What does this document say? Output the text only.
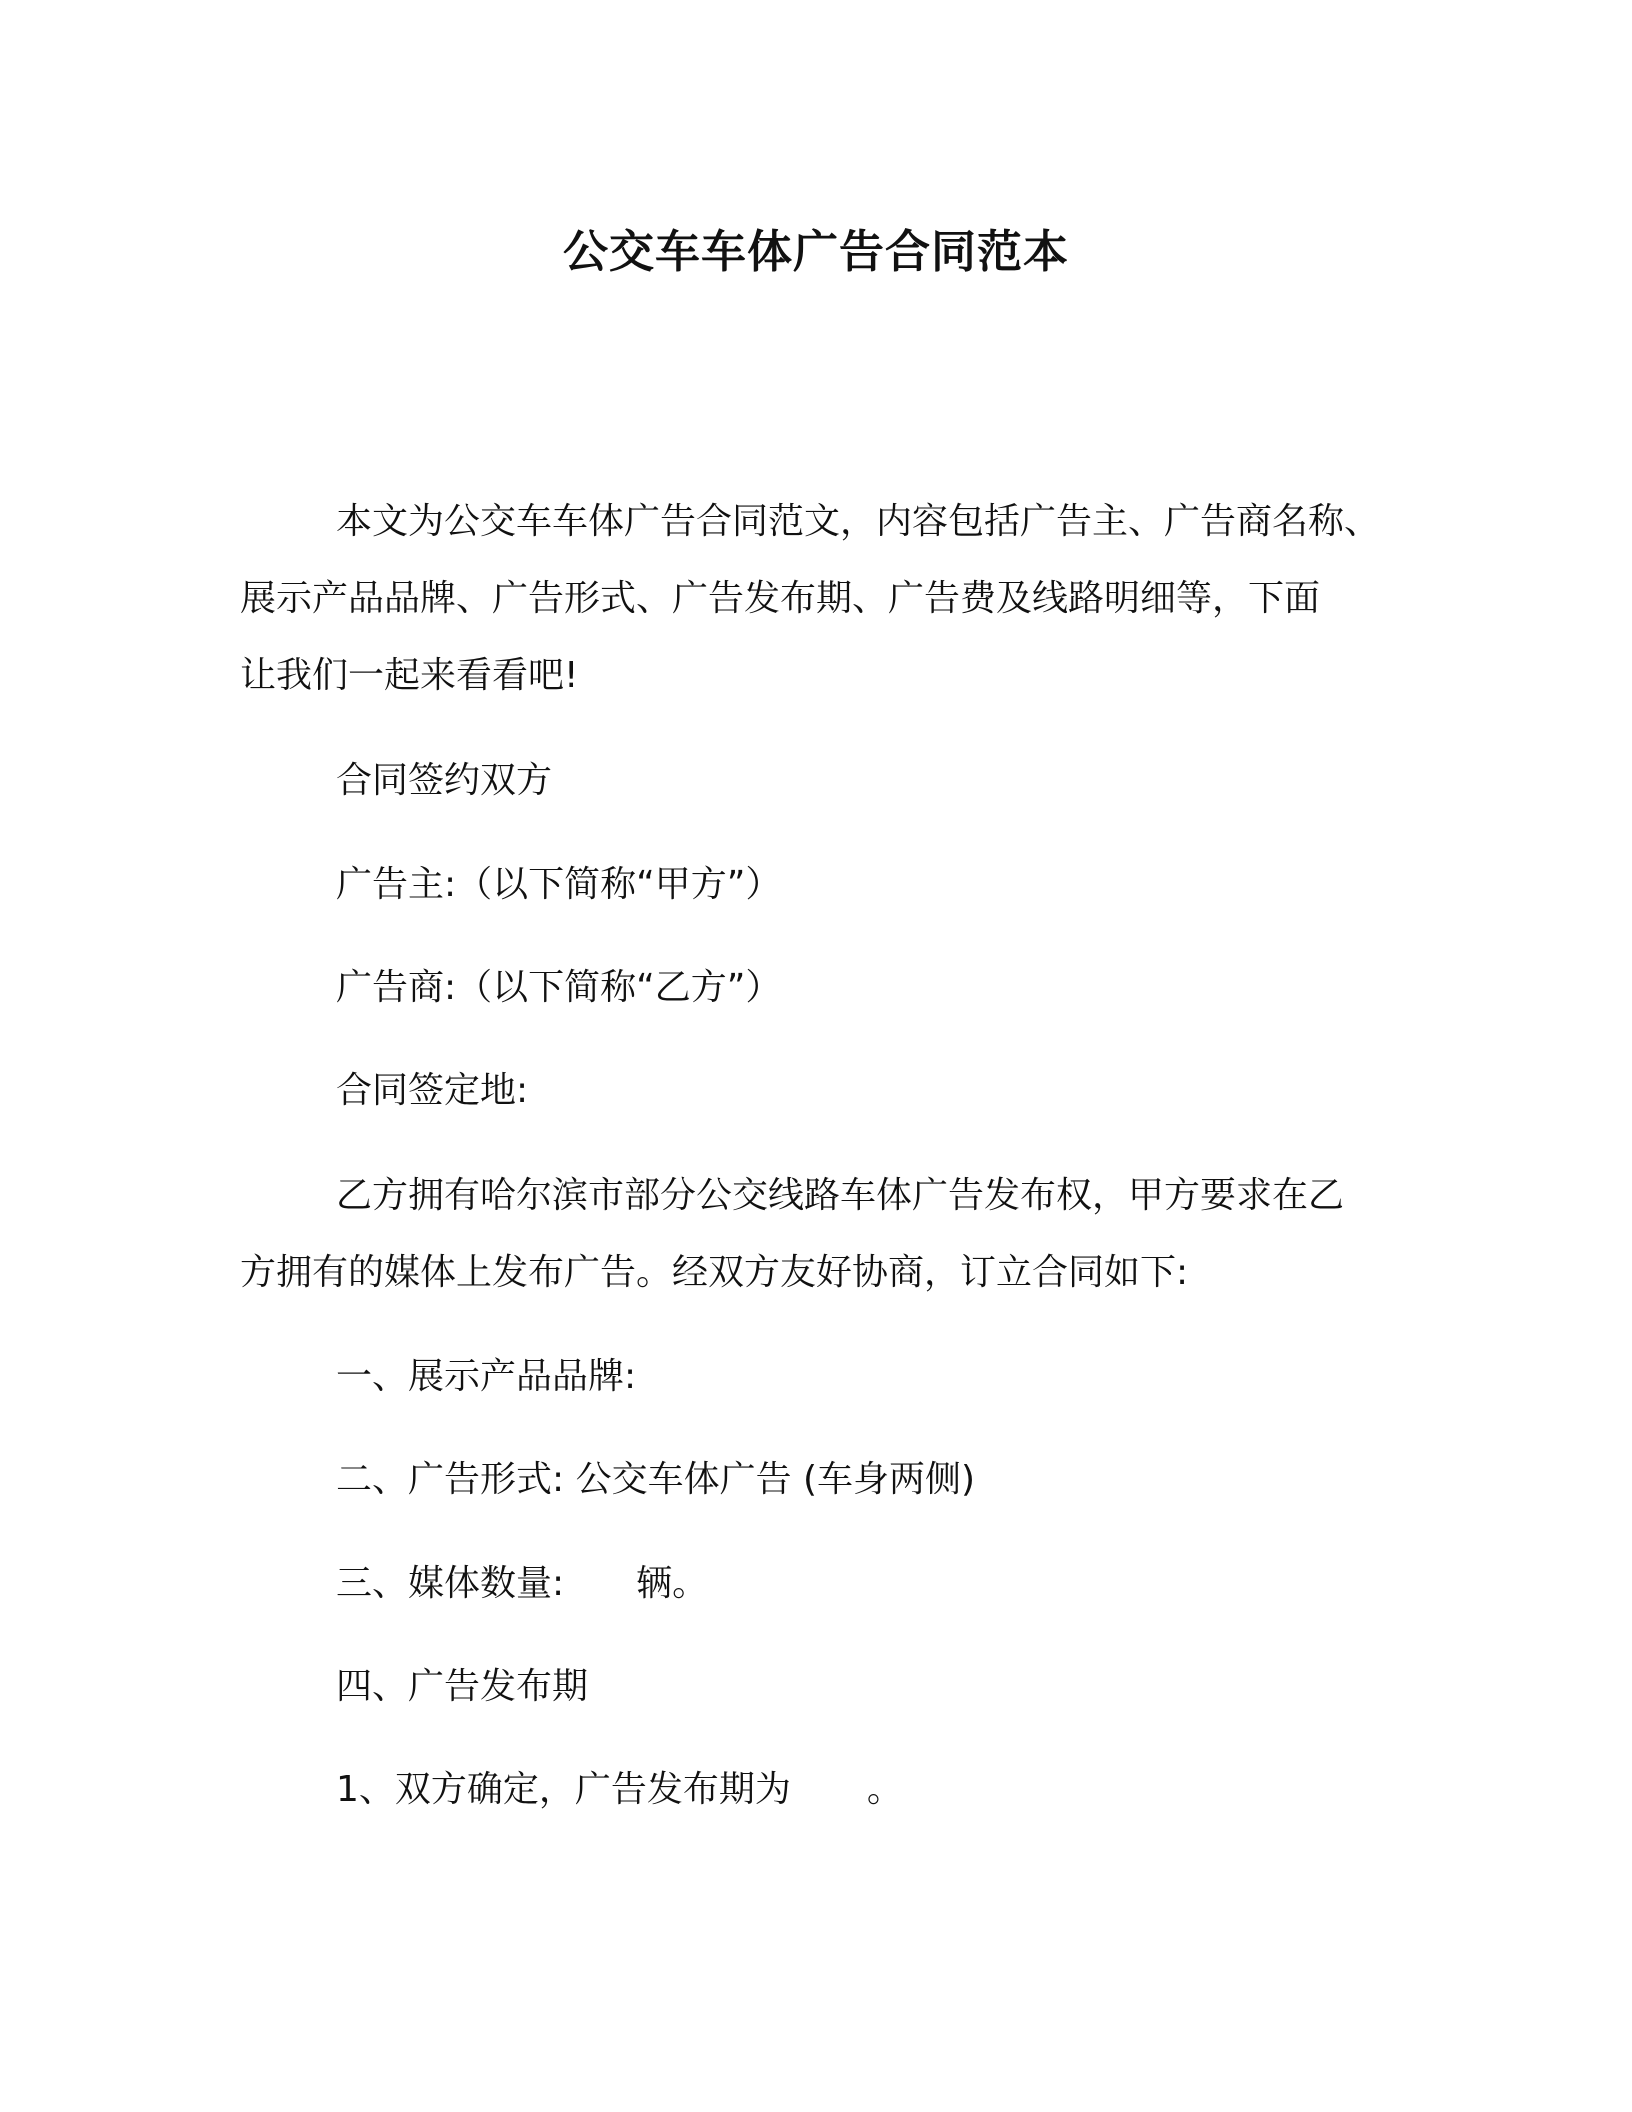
公交车车体广告合同范本
本文为公交车车体广告合同范文，内容包括广告主、广告商名称、
展示产品品牌、广告形式、广告发布期、广告费及线路明细等，下面
让我们一起来看看吧!
合同签约双方
广告主:（以下简称“甲方”）
广告商:（以下简称“乙方”）
合同签定地:
乙方拥有哈尔滨市部分公交线路车体广告发布权，甲方要求在乙
方拥有的媒体上发布广告。经双方友好协商，订立合同如下:
一、展示产品品牌:
二、广告形式: 公交车体广告 (车身两侧)
三、媒体数量: 辆。
四、广告发布期
1、双方确定，广告发布期为 。
